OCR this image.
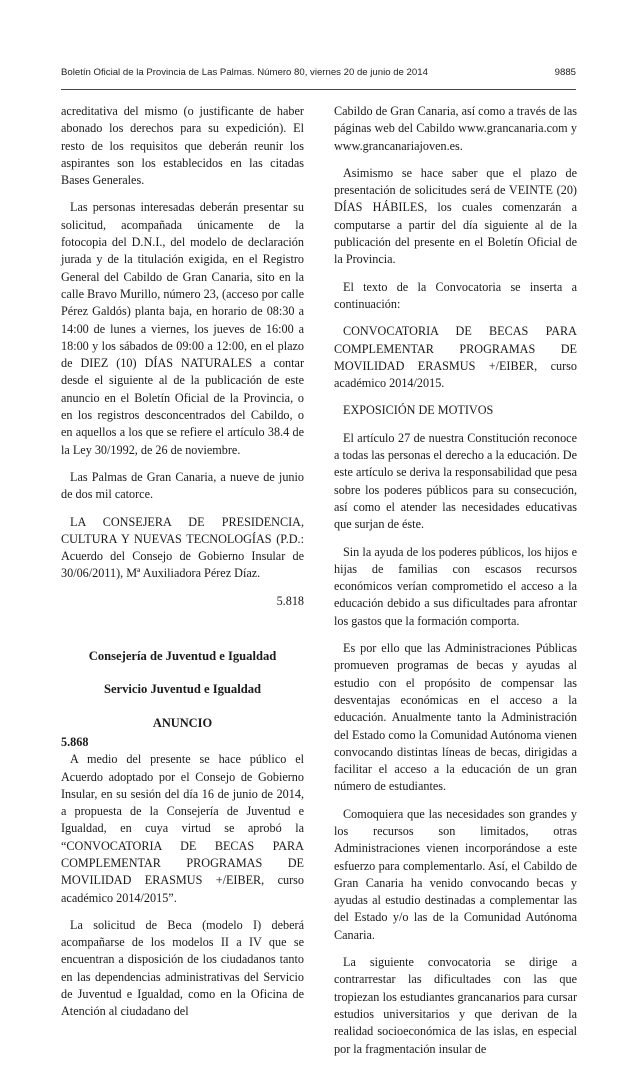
Boletín Oficial de la Provincia de Las Palmas. Número 80, viernes 20 de junio de 2014	9885

acreditativa del mismo (o justificante de haber abonado los derechos para su expedición). El resto de los requisitos que deberán reunir los aspirantes son los establecidos en las citadas Bases Generales.

Las personas interesadas deberán presentar su solicitud, acompañada únicamente de la fotocopia del D.N.I., del modelo de declaración jurada y de la titulación exigida, en el Registro General del Cabildo de Gran Canaria, sito en la calle Bravo Murillo, número 23, (acceso por calle Pérez Galdós) planta baja, en horario de 08:30 a 14:00 de lunes a viernes, los jueves de 16:00 a 18:00 y los sábados de 09:00 a 12:00, en el plazo de DIEZ (10) DÍAS NATURALES a contar desde el siguiente al de la publicación de este anuncio en el Boletín Oficial de la Provincia, o en los registros desconcentrados del Cabildo, o en aquellos a los que se refiere el artículo 38.4 de la Ley 30/1992, de 26 de noviembre.

Las Palmas de Gran Canaria, a nueve de junio de dos mil catorce.

LA CONSEJERA DE PRESIDENCIA, CULTURA Y NUEVAS TECNOLOGÍAS (P.D.: Acuerdo del Consejo de Gobierno Insular de 30/06/2011), Mª Auxiliadora Pérez Díaz.

5.818

Consejería de Juventud e Igualdad
Servicio Juventud e Igualdad
ANUNCIO
5.868

A medio del presente se hace público el Acuerdo adoptado por el Consejo de Gobierno Insular, en su sesión del día 16 de junio de 2014, a propuesta de la Consejería de Juventud e Igualdad, en cuya virtud se aprobó la “CONVOCATORIA DE BECAS PARA COMPLEMENTAR PROGRAMAS DE MOVILIDAD ERASMUS +/EIBER, curso académico 2014/2015”.

La solicitud de Beca (modelo I) deberá acompañarse de los modelos II a IV que se encuentran a disposición de los ciudadanos tanto en las dependencias administrativas del Servicio de Juventud e Igualdad, como en la Oficina de Atención al ciudadano del

Cabildo de Gran Canaria, así como a través de las páginas web del Cabildo www.grancanaria.com y www.grancanariajoven.es.

Asimismo se hace saber que el plazo de presentación de solicitudes será de VEINTE (20) DÍAS HÁBILES, los cuales comenzarán a computarse a partir del día siguiente al de la publicación del presente en el Boletín Oficial de la Provincia.

El texto de la Convocatoria se inserta a continuación:

CONVOCATORIA DE BECAS PARA COMPLEMENTAR PROGRAMAS DE MOVILIDAD ERASMUS +/EIBER, curso académico 2014/2015.

EXPOSICIÓN DE MOTIVOS

El artículo 27 de nuestra Constitución reconoce a todas las personas el derecho a la educación. De este artículo se deriva la responsabilidad que pesa sobre los poderes públicos para su consecución, así como el atender las necesidades educativas que surjan de éste.

Sin la ayuda de los poderes públicos, los hijos e hijas de familias con escasos recursos económicos verían comprometido el acceso a la educación debido a sus dificultades para afrontar los gastos que la formación comporta.

Es por ello que las Administraciones Públicas promueven programas de becas y ayudas al estudio con el propósito de compensar las desventajas económicas en el acceso a la educación. Anualmente tanto la Administración del Estado como la Comunidad Autónoma vienen convocando distintas líneas de becas, dirigidas a facilitar el acceso a la educación de un gran número de estudiantes.

Comoquiera que las necesidades son grandes y los recursos son limitados, otras Administraciones vienen incorporándose a este esfuerzo para complementarlo. Así, el Cabildo de Gran Canaria ha venido convocando becas y ayudas al estudio destinadas a complementar las del Estado y/o las de la Comunidad Autónoma Canaria.

La siguiente convocatoria se dirige a contrarrestar las dificultades con las que tropiezan los estudiantes grancanarios para cursar estudios universitarios y que derivan de la realidad socioeconómica de las islas, en especial por la fragmentación insular de
